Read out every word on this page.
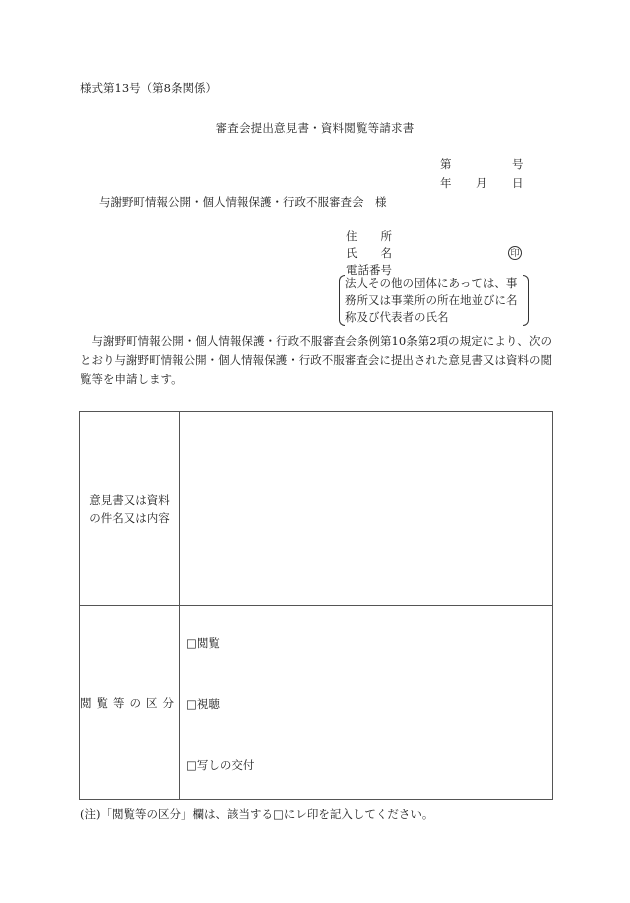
様式第13号（第8条関係）
審査会提出意見書・資料閲覧等請求書
第	号
年 月 日
与謝野町情報公開・個人情報保護・行政不服審査会　様
住　　所
氏　　名	印
電話番号
法人その他の団体にあっては、事務所又は事業所の所在地並びに名称及び代表者の氏名
与謝野町情報公開・個人情報保護・行政不服審査会条例第10条第2項の規定により、次のとおり与謝野町情報公開・個人情報保護・行政不服審査会に提出された意見書又は資料の閲覧等を申請します。
意見書又は資料
の件名又は内容	

閲覧等の区分	□閲覧
□視聴
□写しの交付
(注)「閲覧等の区分」欄は、該当する□にレ印を記入してください。
